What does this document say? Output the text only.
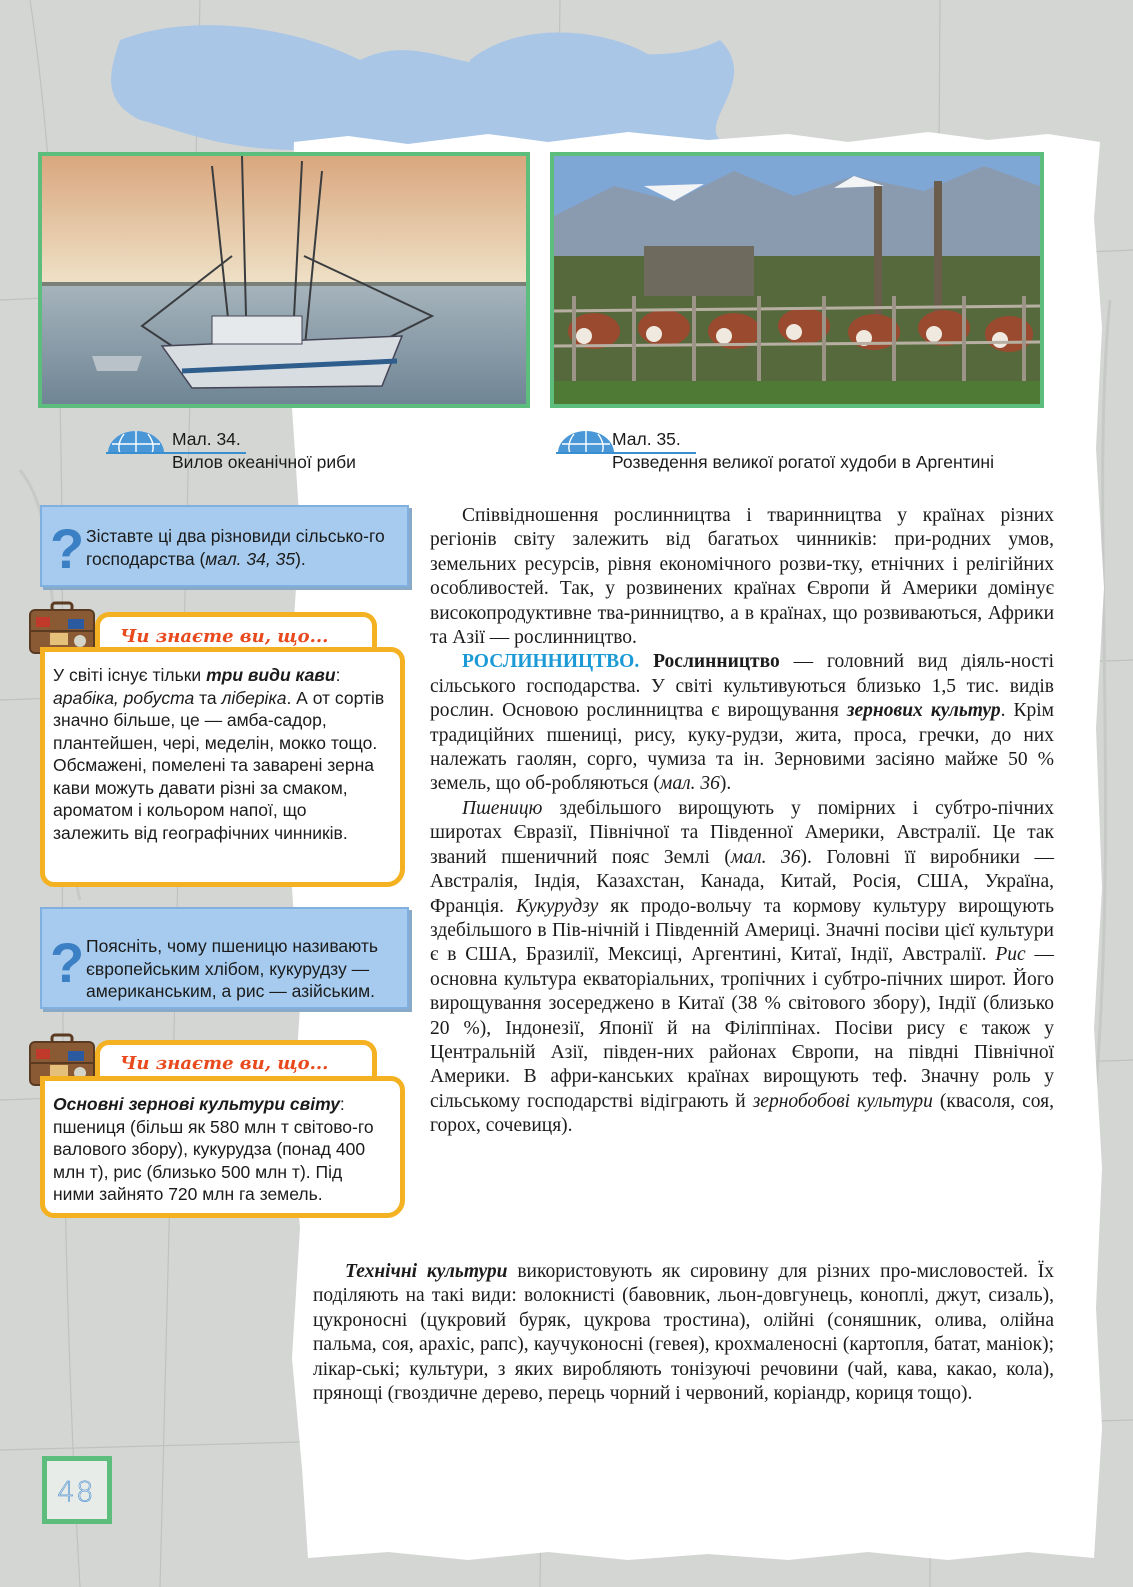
Мал. 34.
Вилов океанічної риби
Мал. 35.
Розведення великої рогатої худоби в Аргентині
? Зіставте ці два різновиди сільсько-го господарства (мал. 34, 35).
Чи знаєте ви, що...
У світі існує тільки три види кави: арабіка, робуста та ліберіка. А от сортів значно більше, це — амба-садор, плантейшен, чері, меделін, мокко тощо. Обсмажені, помелені та заварені зерна кави можуть давати різні за смаком, ароматом і кольором напої, що залежить від географічних чинників.
? Поясніть, чому пшеницю називають європейським хлібом, кукурудзу — американським, а рис — азійським.
Чи знаєте ви, що...
Основні зернові культури світу: пшениця (більш як 580 млн т світово-го валового збору), кукурудза (понад 400 млн т), рис (близько 500 млн т). Під ними зайнято 720 млн га земель.

Співвідношення рослинництва і тваринництва у країнах різних регіонів світу залежить від багатьох чинників: при-родних умов, земельних ресурсів, рівня економічного розви-тку, етнічних і релігійних особливостей. Так, у розвинених країнах Європи й Америки домінує високопродуктивне тва-ринництво, а в країнах, що розвиваються, Африки та Азії — рослинництво.

РОСЛИННИЦТВО. Рослинництво — головний вид діяль-ності сільського господарства. У світі культивуються близько 1,5 тис. видів рослин. Основою рослинництва є вирощування зернових культур. Крім традиційних пшениці, рису, куку-рудзи, жита, проса, гречки, до них належать гаолян, сорго, чумиза та ін. Зерновими засіяно майже 50 % земель, що об-робляються (мал. 36).

Пшеницю здебільшого вирощують у помірних і субтро-пічних широтах Євразії, Північної та Південної Америки, Австралії. Це так званий пшеничний пояс Землі (мал. 36). Головні її виробники — Австралія, Індія, Казахстан, Канада, Китай, Росія, США, Україна, Франція. Кукурудзу як продо-вольчу та кормову культуру вирощують здебільшого в Пів-нічній і Південній Америці. Значні посіви цієї культури є в США, Бразилії, Мексиці, Аргентині, Китаї, Індії, Австралії. Рис — основна культура екваторіальних, тропічних і субтро-пічних широт. Його вирощування зосереджено в Китаї (38 % світового збору), Індії (близько 20 %), Індонезії, Японії й на Філіппінах. Посіви рису є також у Центральній Азії, півден-них районах Європи, на півдні Північної Америки. В афри-канських країнах вирощують теф. Значну роль у сільському господарстві відіграють й зернобобові культури (квасоля, соя, горох, сочевиця).

Технічні культури використовують як сировину для різних про-мисловостей. Їх поділяють на такі види: волокнисті (бавовник, льон-довгунець, коноплі, джут, сизаль), цукроносні (цукровий буряк, цукрова тростина), олійні (соняшник, олива, олійна пальма, соя, арахіс, рапс), каучуконосні (гевея), крохмаленосні (картопля, батат, маніок); лікар-ські; культури, з яких виробляють тонізуючі речовини (чай, кава, какао, кола), прянощі (гвоздичне дерево, перець чорний і червоний, коріандр, кориця тощо).

48
